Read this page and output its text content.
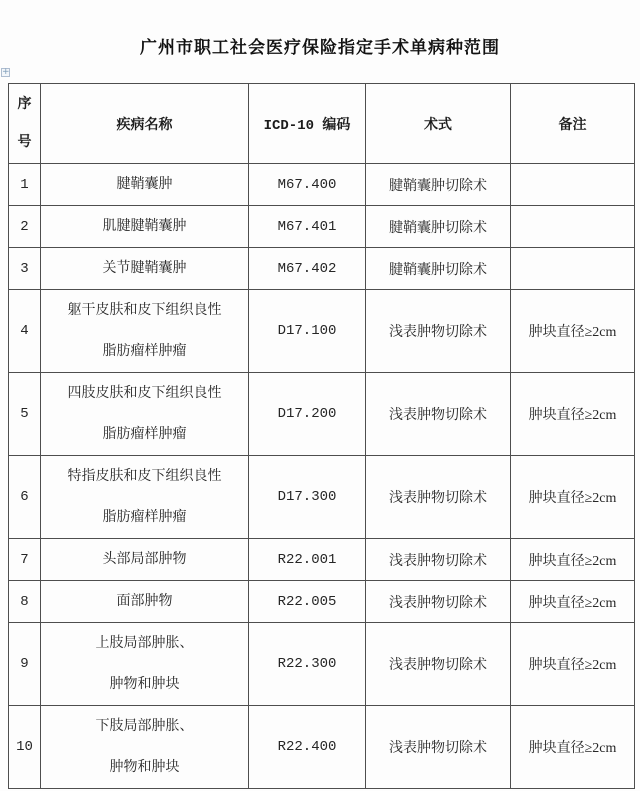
广州市职工社会医疗保险指定手术单病种范围
+
序号	疾病名称	ICD-10 编码	术式	备注
1	腱鞘囊肿	M67.400	腱鞘囊肿切除术	
2	肌腱腱鞘囊肿	M67.401	腱鞘囊肿切除术	
3	关节腱鞘囊肿	M67.402	腱鞘囊肿切除术	
4	躯干皮肤和皮下组织良性
脂肪瘤样肿瘤	D17.100	浅表肿物切除术	肿块直径≥2cm
5	四肢皮肤和皮下组织良性
脂肪瘤样肿瘤	D17.200	浅表肿物切除术	肿块直径≥2cm
6	特指皮肤和皮下组织良性
脂肪瘤样肿瘤	D17.300	浅表肿物切除术	肿块直径≥2cm
7	头部局部肿物	R22.001	浅表肿物切除术	肿块直径≥2cm
8	面部肿物	R22.005	浅表肿物切除术	肿块直径≥2cm
9	上肢局部肿胀、
肿物和肿块	R22.300	浅表肿物切除术	肿块直径≥2cm
10	下肢局部肿胀、
肿物和肿块	R22.400	浅表肿物切除术	肿块直径≥2cm
